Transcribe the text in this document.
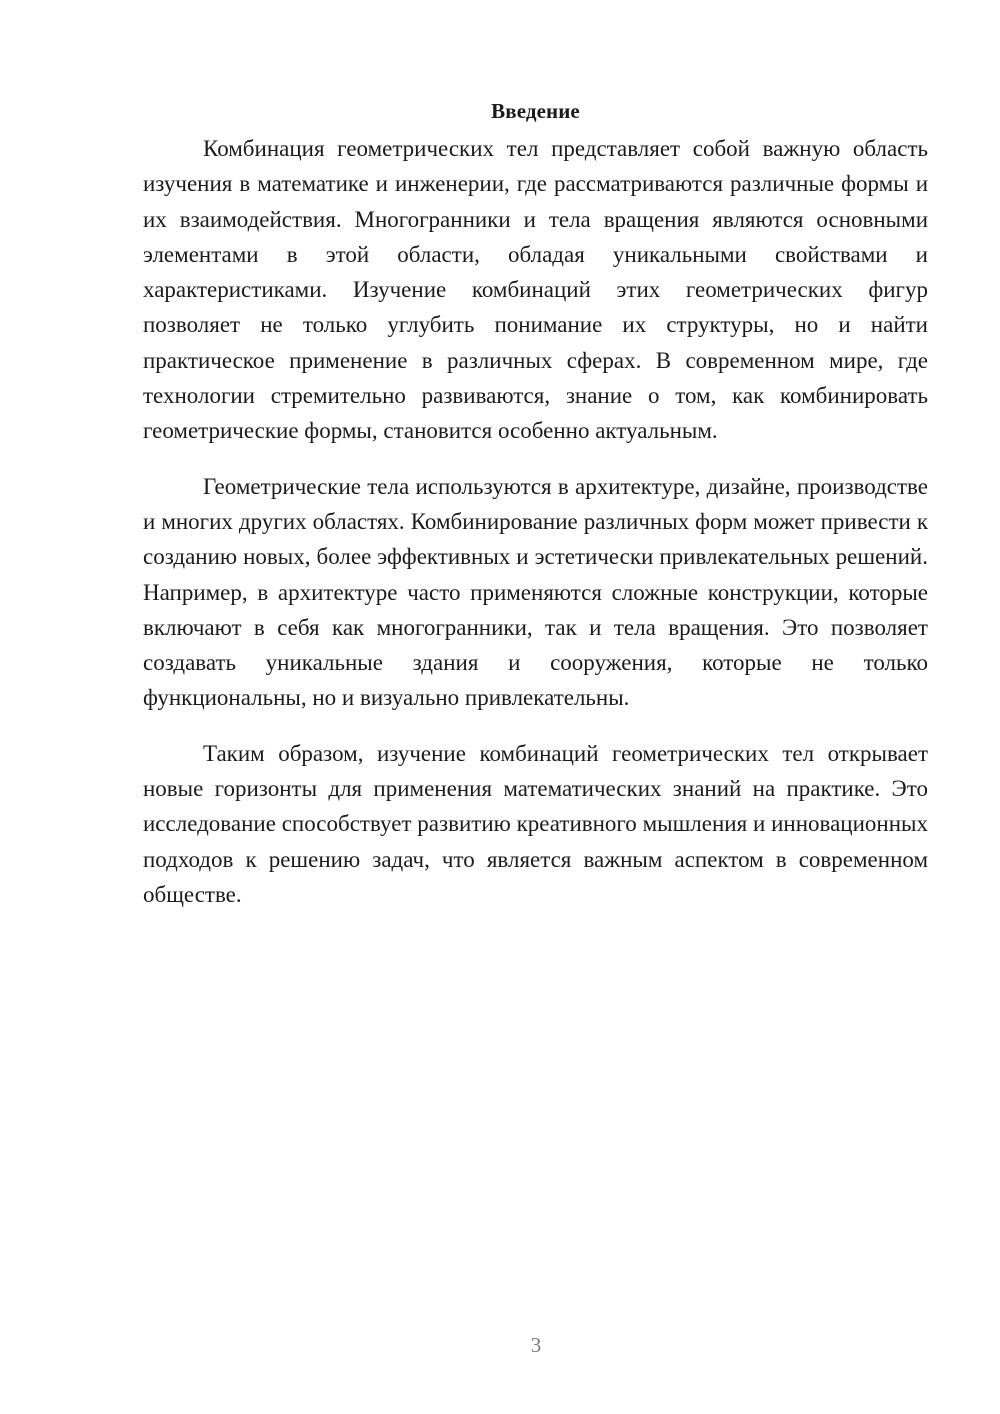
Введение

Комбинация геометрических тел представляет собой важную область изучения в математике и инженерии, где рассматриваются различные формы и их взаимодействия. Многогранники и тела вращения являются основными элементами в этой области, обладая уникальными свойствами и характеристиками. Изучение комбинаций этих геометрических фигур позволяет не только углубить понимание их структуры, но и найти практическое применение в различных сферах. В современном мире, где технологии стремительно развиваются, знание о том, как комбинировать геометрические формы, становится особенно актуальным.

Геометрические тела используются в архитектуре, дизайне, производстве и многих других областях. Комбинирование различных форм может привести к созданию новых, более эффективных и эстетически привлекательных решений. Например, в архитектуре часто применяются сложные конструкции, которые включают в себя как многогранники, так и тела вращения. Это позволяет создавать уникальные здания и сооружения, которые не только функциональны, но и визуально привлекательны.

Таким образом, изучение комбинаций геометрических тел открывает новые горизонты для применения математических знаний на практике. Это исследование способствует развитию креативного мышления и инновационных подходов к решению задач, что является важным аспектом в современном обществе.

3
